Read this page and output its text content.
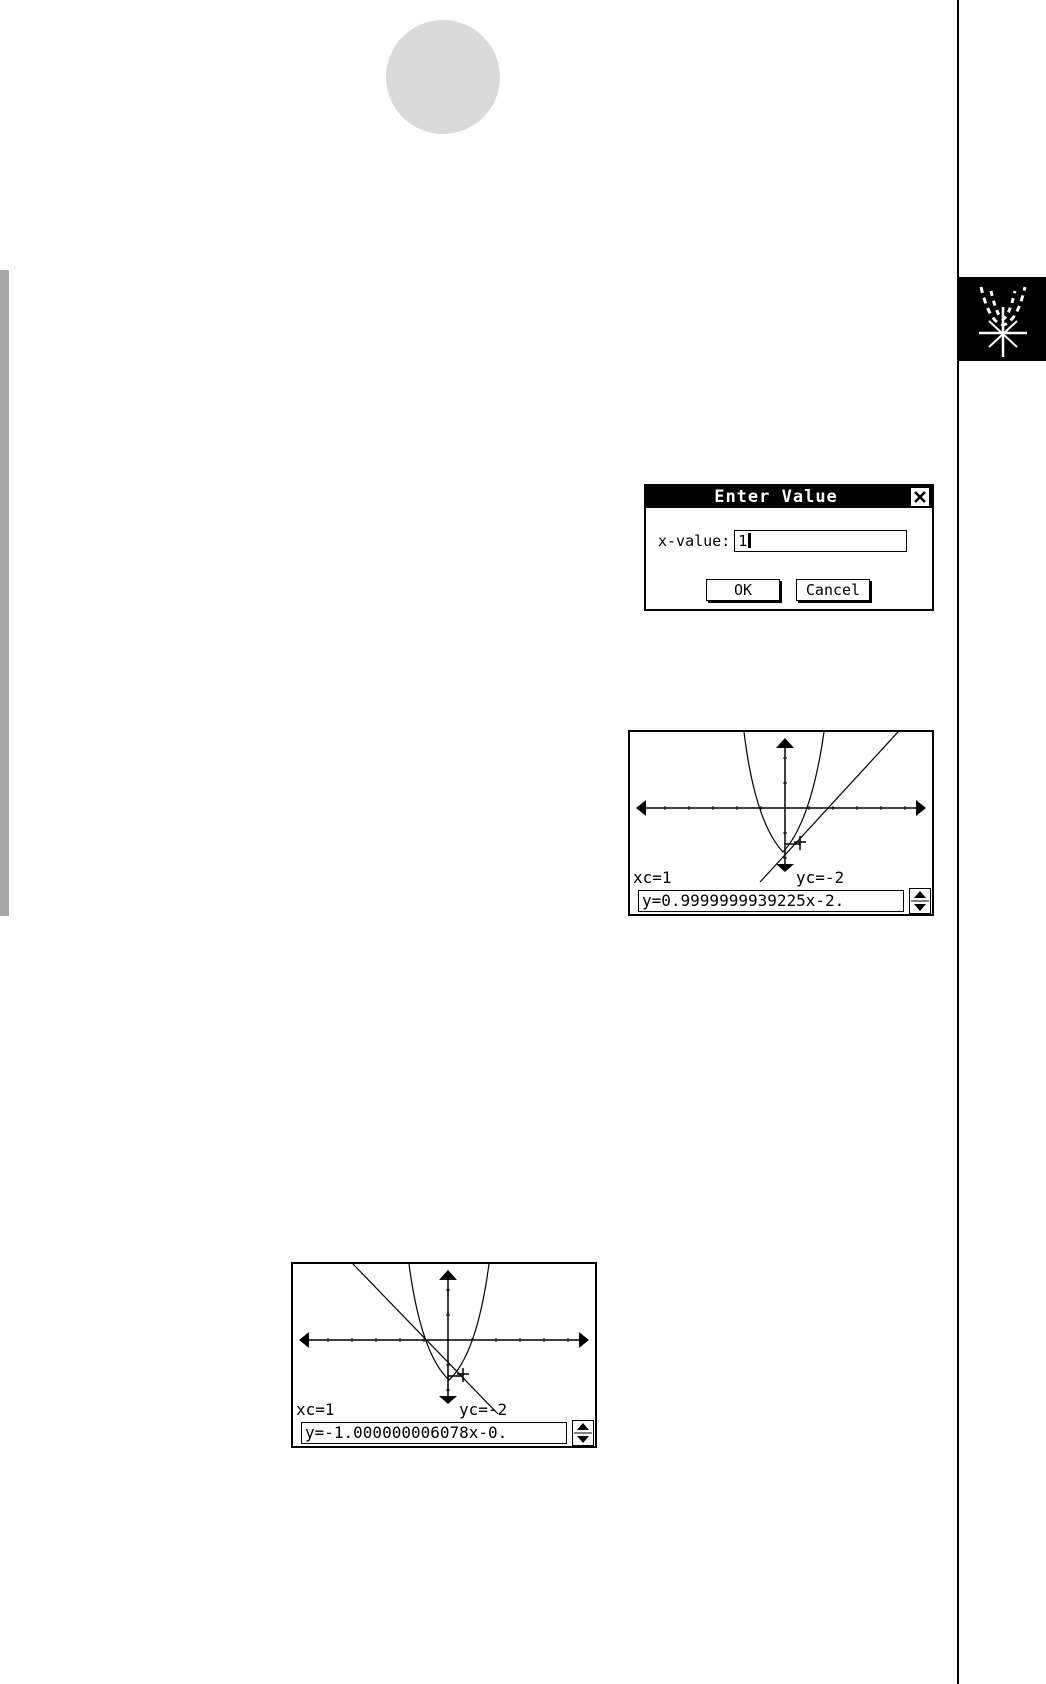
Enter Value
x-value: 1
OK	Cancel
xc=1	yc=-2
y=0.9999999939225x-2.
xc=1	yc=-2
y=-1.000000006078x-0.
